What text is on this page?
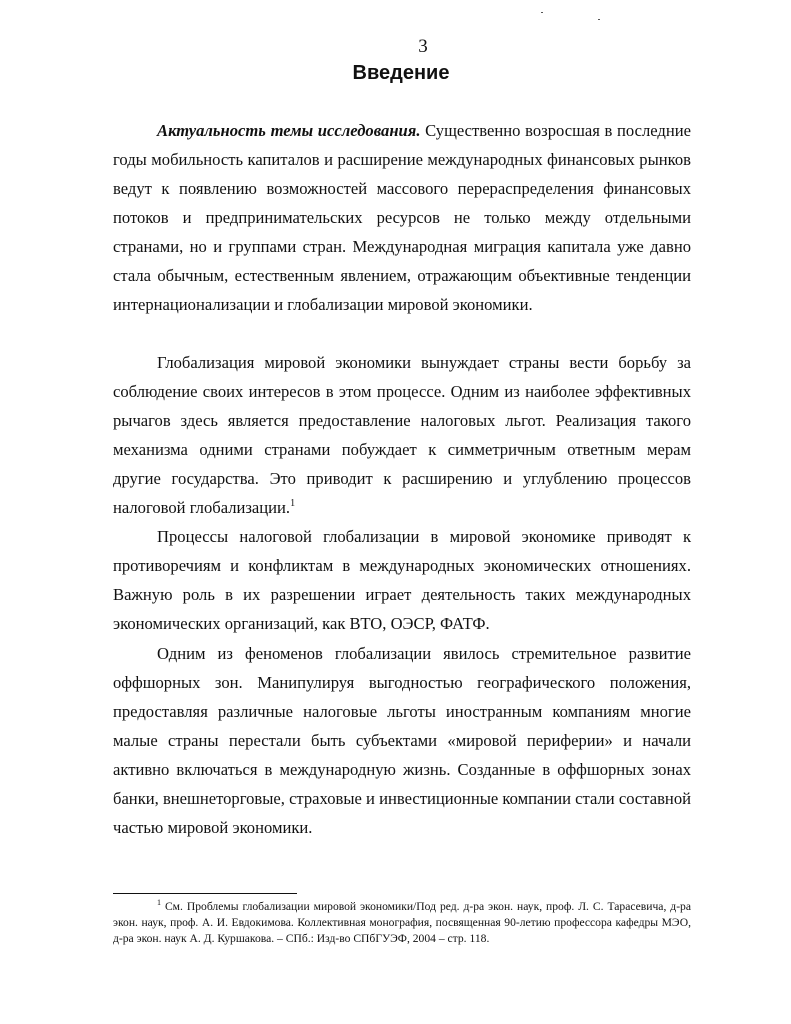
3
Введение

Актуальность темы исследования. Существенно возросшая в последние годы мобильность капиталов и расширение международных финансовых рынков ведут к появлению возможностей массового перераспределения финансовых потоков и предпринимательских ресурсов не только между отдельными странами, но и группами стран. Международная миграция капитала уже давно стала обычным, естественным явлением, отражающим объективные тенденции интернационализации и глобализации мировой экономики.

Глобализация мировой экономики вынуждает страны вести борьбу за соблюдение своих интересов в этом процессе. Одним из наиболее эффективных рычагов здесь является предоставление налоговых льгот. Реализация такого механизма одними странами побуждает к симметричным ответным мерам другие государства. Это приводит к расширению и углублению процессов налоговой глобализации.$^1$

Процессы налоговой глобализации в мировой экономике приводят к противоречиям и конфликтам в международных экономических отношениях. Важную роль в их разрешении играет деятельность таких международных экономических организаций, как ВТО, ОЭСР, ФАТФ.

Одним из феноменов глобализации явилось стремительное развитие оффшорных зон. Манипулируя выгодностью географического положения, предоставляя различные налоговые льготы иностранным компаниям многие малые страны перестали быть субъектами «мировой периферии» и начали активно включаться в международную жизнь. Созданные в оффшорных зонах банки, внешнеторговые, страховые и инвестиционные компании стали составной частью мировой экономики.

$^1$ См. Проблемы глобализации мировой экономики/Под ред. д-ра экон. наук, проф. Л. С. Тарасевича, д-ра экон. наук, проф. А. И. Евдокимова. Коллективная монография, посвященная 90-летию профессора кафедры МЭО, д-ра экон. наук А. Д. Куршакова. – СПб.: Изд-во СПбГУЭФ, 2004 – стр. 118.
